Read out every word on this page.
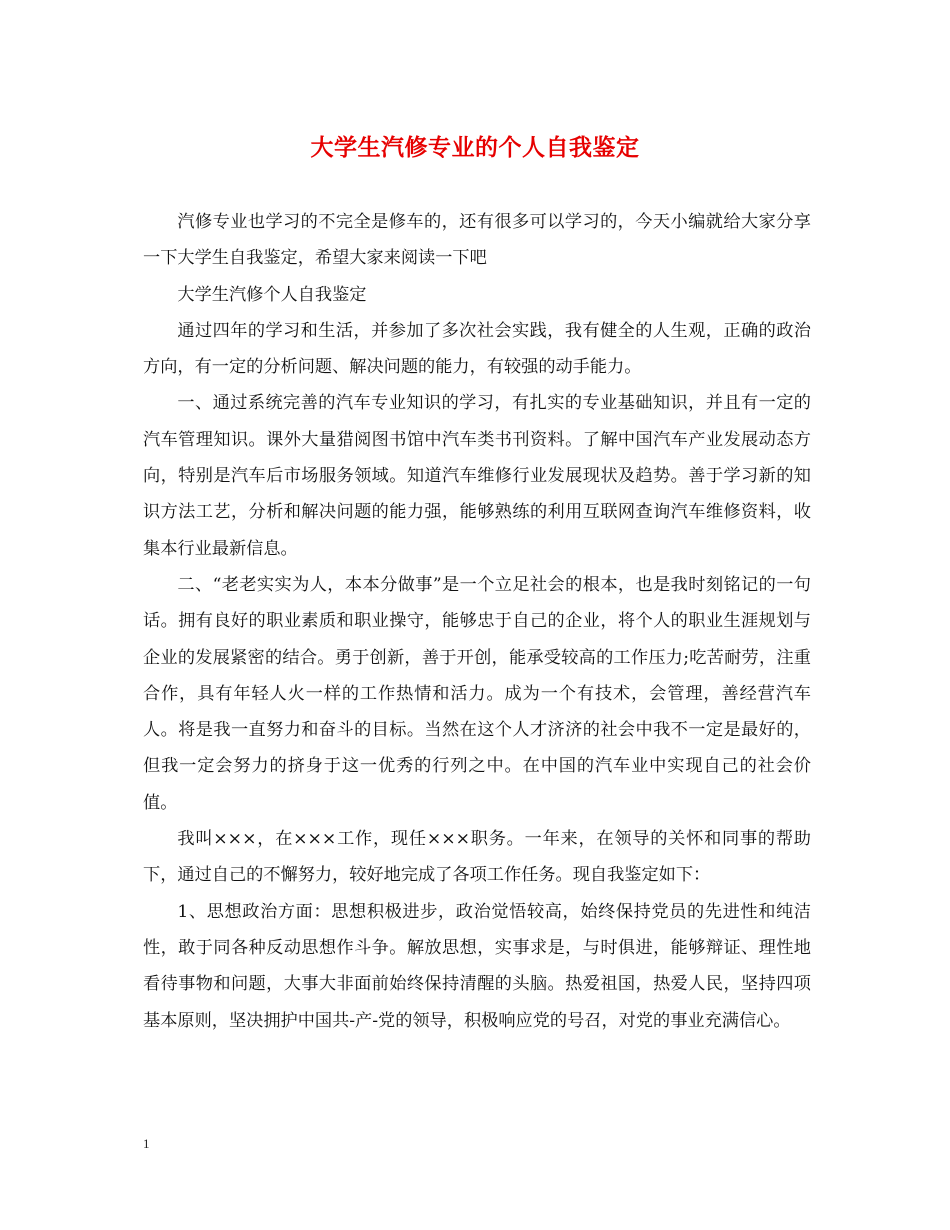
大学生汽修专业的个人自我鉴定

汽修专业也学习的不完全是修车的，还有很多可以学习的，今天小编就给大家分享一下大学生自我鉴定，希望大家来阅读一下吧

大学生汽修个人自我鉴定

通过四年的学习和生活，并参加了多次社会实践，我有健全的人生观，正确的政治方向，有一定的分析问题、解决问题的能力，有较强的动手能力。

一、通过系统完善的汽车专业知识的学习，有扎实的专业基础知识，并且有一定的汽车管理知识。课外大量猎阅图书馆中汽车类书刊资料。了解中国汽车产业发展动态方向，特别是汽车后市场服务领域。知道汽车维修行业发展现状及趋势。善于学习新的知识方法工艺，分析和解决问题的能力强，能够熟练的利用互联网查询汽车维修资料，收集本行业最新信息。

二、“老老实实为人，本本分做事”是一个立足社会的根本，也是我时刻铭记的一句话。拥有良好的职业素质和职业操守，能够忠于自己的企业，将个人的职业生涯规划与企业的发展紧密的结合。勇于创新，善于开创，能承受较高的工作压力;吃苦耐劳，注重合作，具有年轻人火一样的工作热情和活力。成为一个有技术，会管理，善经营汽车人。将是我一直努力和奋斗的目标。当然在这个人才济济的社会中我不一定是最好的，但我一定会努力的挤身于这一优秀的行列之中。在中国的汽车业中实现自己的社会价值。

我叫×××，在×××工作，现任×××职务。一年来，在领导的关怀和同事的帮助下，通过自己的不懈努力，较好地完成了各项工作任务。现自我鉴定如下：

1、思想政治方面：思想积极进步，政治觉悟较高，始终保持党员的先进性和纯洁性，敢于同各种反动思想作斗争。解放思想，实事求是，与时俱进，能够辩证、理性地看待事物和问题，大事大非面前始终保持清醒的头脑。热爱祖国，热爱人民，坚持四项基本原则，坚决拥护中国共-产-党的领导，积极响应党的号召，对党的事业充满信心。

1
